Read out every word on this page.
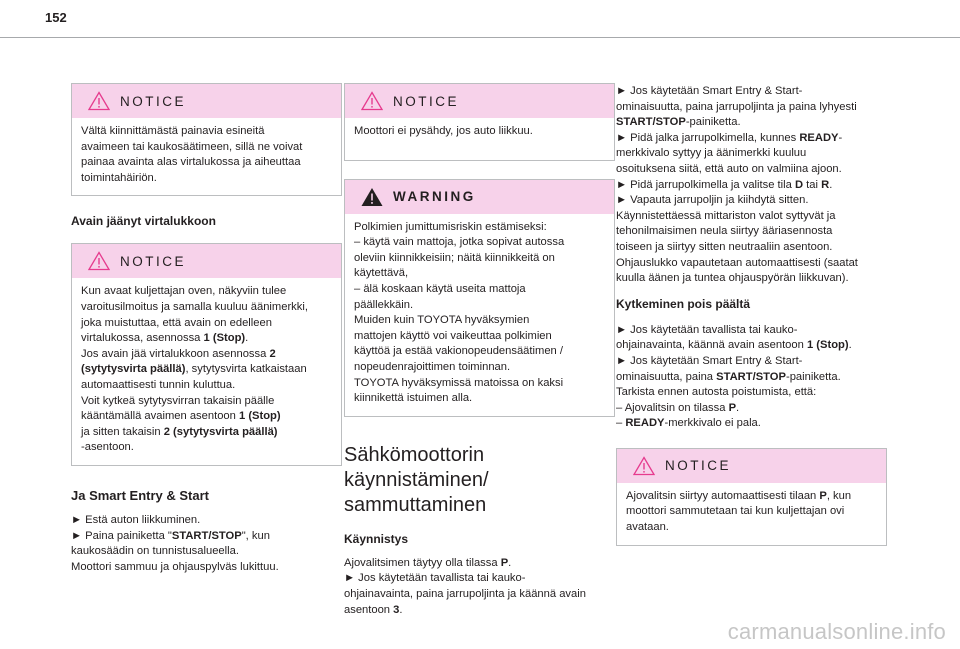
152
NOTICE

Vältä kiinnittämästä painavia esineitä

avaimeen tai kaukosäätimeen, sillä ne voivat

painaa avainta alas virtalukossa ja aiheuttaa

toimintahäiriön.

Avain jäänyt virtalukkoon
NOTICE

Kun avaat kuljettajan oven, näkyviin tulee

varoitusilmoitus ja samalla kuuluu äänimerkki,

joka muistuttaa, että avain on edelleen

virtalukossa, asennossa 1 (Stop).

Jos avain jää virtalukkoon asennossa 2

(sytytysvirta päällä), sytytysvirta katkaistaan

automaattisesti tunnin kuluttua.

Voit kytkeä sytytysvirran takaisin päälle

kääntämällä avaimen asentoon 1 (Stop)

ja sitten takaisin 2 (sytytysvirta päällä)

-asentoon.

Ja Smart Entry & Start

► Estä auton liikkuminen.

► Paina painiketta "START/STOP", kun

kaukosäädin on tunnistusalueella.

Moottori sammuu ja ohjauspylväs lukittuu.

NOTICE

Moottori ei pysähdy, jos auto liikkuu.

WARNING

Polkimien jumittumisriskin estämiseksi:

– käytä vain mattoja, jotka sopivat autossa

oleviin kiinnikkeisiin; näitä kiinnikkeitä on

käytettävä,

– älä koskaan käytä useita mattoja

päällekkäin.

Muiden kuin TOYOTA hyväksymien

mattojen käyttö voi vaikeuttaa polkimien

käyttöä ja estää vakionopeudensäätimen /

nopeudenrajoittimen toiminnan.

TOYOTA hyväksymissä matoissa on kaksi

kiinnikettä istuimen alla.

Sähkömoottorin
käynnistäminen/
sammuttaminen
Käynnistys

Ajovalitsimen täytyy olla tilassa P.

► Jos käytetään tavallista tai kauko-

ohjainavainta, paina jarrupoljinta ja käännä avain

asentoon 3.

► Jos käytetään Smart Entry & Start-

ominaisuutta, paina jarrupoljinta ja paina lyhyesti

START/STOP-painiketta.

► Pidä jalka jarrupolkimella, kunnes READY-

merkkivalo syttyy ja äänimerkki kuuluu

osoituksena siitä, että auto on valmiina ajoon.

► Pidä jarrupolkimella ja valitse tila D tai R.

► Vapauta jarrupoljin ja kiihdytä sitten.

Käynnistettäessä mittariston valot syttyvät ja

tehonilmaisimen neula siirtyy ääriasennosta

toiseen ja siirtyy sitten neutraaliin asentoon.

Ohjauslukko vapautetaan automaattisesti (saatat

kuulla äänen ja tuntea ohjauspyörän liikkuvan).

Kytkeminen pois päältä

► Jos käytetään tavallista tai kauko-

ohjainavainta, käännä avain asentoon 1 (Stop).

► Jos käytetään Smart Entry & Start-

ominaisuutta, paina START/STOP-painiketta.

Tarkista ennen autosta poistumista, että:

– Ajovalitsin on tilassa P.

– READY-merkkivalo ei pala.

NOTICE

Ajovalitsin siirtyy automaattisesti tilaan P, kun

moottori sammutetaan tai kun kuljettajan ovi

avataan.

carmanualsonline.info
